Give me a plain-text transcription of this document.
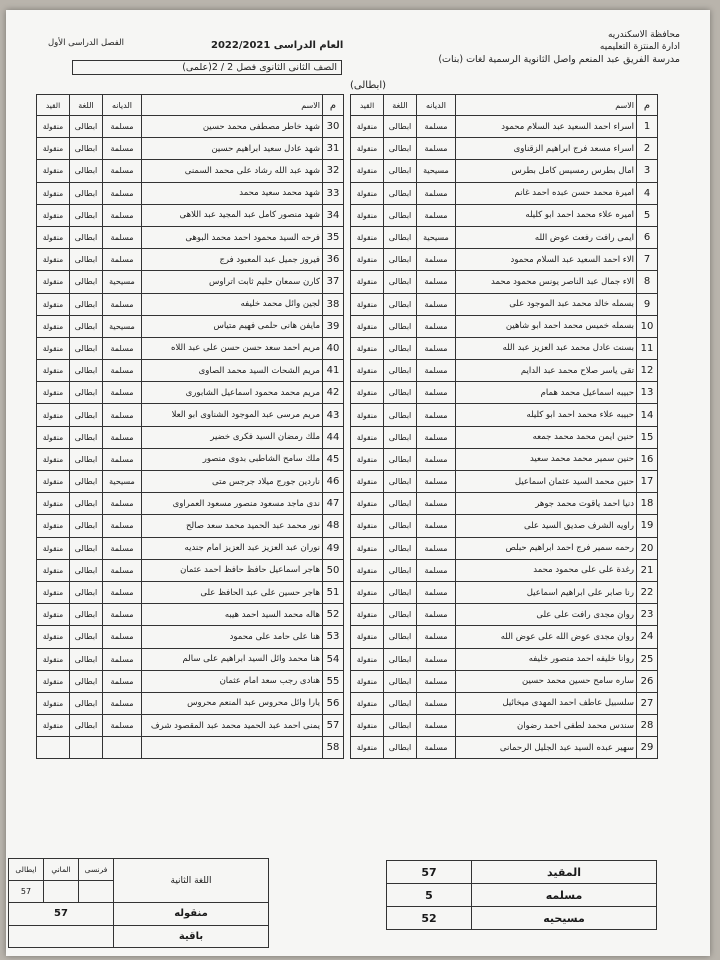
محافظة الاسكندريه
ادارة المنتزة التعليميه
مدرسة الفريق عبد المنعم واصل الثانوية الرسمية لغات (بنات)
العام الدراسى 2022/2021
الفصل الدراسى الأول
الصف الثانى الثانوى فصل 2 / 2(علمى)
(ابطالى)
م	الاسم	الديانه	اللغة	القيد
30	شهد خاطر مصطفى محمد حسين	مسلمة	ابطالى	منقولة
31	شهد عادل سعيد ابراهيم حسين	مسلمة	ابطالى	منقولة
32	شهد عبد الله رشاد على محمد السمنى	مسلمة	ابطالى	منقولة
33	شهد محمد سعيد محمد	مسلمة	ابطالى	منقولة
34	شهد منصور كامل عبد المجيد عبد اللاهى	مسلمة	ابطالى	منقولة
35	فرحه السيد محمود احمد محمد البوهى	مسلمة	ابطالى	منقولة
36	فيروز جميل عبد المعبود فرج	مسلمة	ابطالى	منقولة
37	كارن سمعان حليم ثابت اتراوس	مسيحية	ابطالى	منقولة
38	لجين وائل محمد خليفه	مسلمة	ابطالى	منقولة
39	مايفن هانى حلمى فهيم متياس	مسيحية	ابطالى	منقولة
40	مريم احمد سعد حسن حسن على عبد اللاه	مسلمة	ابطالى	منقولة
41	مريم الشحات السيد محمد الصاوى	مسلمة	ابطالى	منقولة
42	مريم محمد محمود اسماعيل الشابورى	مسلمة	ابطالى	منقولة
43	مريم مرسى عبد الموجود الشناوى ابو العلا	مسلمة	ابطالى	منقولة
44	ملك رمضان السيد فكرى خضير	مسلمة	ابطالى	منقولة
45	ملك سامح الشاطبى بدوى منصور	مسلمة	ابطالى	منقولة
46	ناردين جورج ميلاد جرجس متى	مسيحية	ابطالى	منقولة
47	ندى ماجد مسعود منصور مسعود العمراوى	مسلمة	ابطالى	منقولة
48	نور محمد عبد الحميد محمد سعد صالح	مسلمة	ابطالى	منقولة
49	نوران عبد العزيز عبد العزيز امام جنديه	مسلمة	ابطالى	منقولة
50	هاجر اسماعيل حافظ حافظ احمد عثمان	مسلمة	ابطالى	منقولة
51	هاجر حسين على عبد الحافظ على	مسلمة	ابطالى	منقولة
52	هاله محمد السيد احمد هيبه	مسلمة	ابطالى	منقولة
53	هنا على حامد على محمود	مسلمة	ابطالى	منقولة
54	هنا محمد وائل السيد ابراهيم على سالم	مسلمة	ابطالى	منقولة
55	هنادى رجب سعد امام عثمان	مسلمة	ابطالى	منقولة
56	يارا وائل محروس عبد المنعم محروس	مسلمة	ابطالى	منقولة
57	يمنى احمد عبد الحميد محمد عبد المقصود شرف	مسلمة	ابطالى	منقولة
58				
م	الاسم	الديانه	اللغة	القيد
1	اسراء احمد السعيد عبد السلام محمود	مسلمة	ابطالى	منقولة
2	اسراء مسعد فرج ابراهيم الزقناوى	مسلمة	ابطالى	منقولة
3	امال بطرس رمسيس كامل بطرس	مسيحية	ابطالى	منقولة
4	اميرة محمد حسن عبده احمد غانم	مسلمة	ابطالى	منقولة
5	اميره علاء محمد احمد ابو كليله	مسلمة	ابطالى	منقولة
6	ايمى رافت رفعت عوض الله	مسيحية	ابطالى	منقولة
7	الاء احمد السعيد عبد السلام محمود	مسلمة	ابطالى	منقولة
8	الاء جمال عبد الناصر يونس محمود محمد	مسلمة	ابطالى	منقولة
9	بسمله خالد محمد عبد الموجود على	مسلمة	ابطالى	منقولة
10	بسمله خميس محمد احمد ابو شاهين	مسلمة	ابطالى	منقولة
11	بسنت عادل محمد عبد العزيز عبد الله	مسلمة	ابطالى	منقولة
12	تقى ياسر صلاح محمد عبد الدايم	مسلمة	ابطالى	منقولة
13	حبيبه اسماعيل محمد همام	مسلمة	ابطالى	منقولة
14	حبيبه علاء محمد احمد ابو كليله	مسلمة	ابطالى	منقولة
15	حنين ايمن محمد محمد جمعه	مسلمة	ابطالى	منقولة
16	حنين سمير محمد محمد سعيد	مسلمة	ابطالى	منقولة
17	حنين محمد السيد عثمان اسماعيل	مسلمة	ابطالى	منقولة
18	دنيا احمد ياقوت محمد جوهر	مسلمة	ابطالى	منقولة
19	راويه الشرف صديق السيد على	مسلمة	ابطالى	منقولة
20	رحمه سمير فرج احمد ابراهيم حبلص	مسلمة	ابطالى	منقولة
21	رغدة على على محمود محمد	مسلمة	ابطالى	منقولة
22	رنا صابر على ابراهيم اسماعيل	مسلمة	ابطالى	منقولة
23	روان مجدى رافت على على	مسلمة	ابطالى	منقولة
24	روان مجدى عوض الله على عوض الله	مسلمة	ابطالى	منقولة
25	روانا خليفه احمد منصور خليفه	مسلمة	ابطالى	منقولة
26	ساره سامح حسين محمد حسين	مسلمة	ابطالى	منقولة
27	سلسبيل عاطف احمد المهدى ميخائيل	مسلمة	ابطالى	منقولة
28	سندس محمد لطفى احمد رضوان	مسلمة	ابطالى	منقولة
29	سهير عبده السيد عبد الجليل الرحمانى	مسلمة	ابطالى	منقولة
اللغة الثانية	فرنسى	الماني	ايطالى
			57
منقوله	57		
باقية			
المقيد	57
مسلمه	5
مسيحيه	52
